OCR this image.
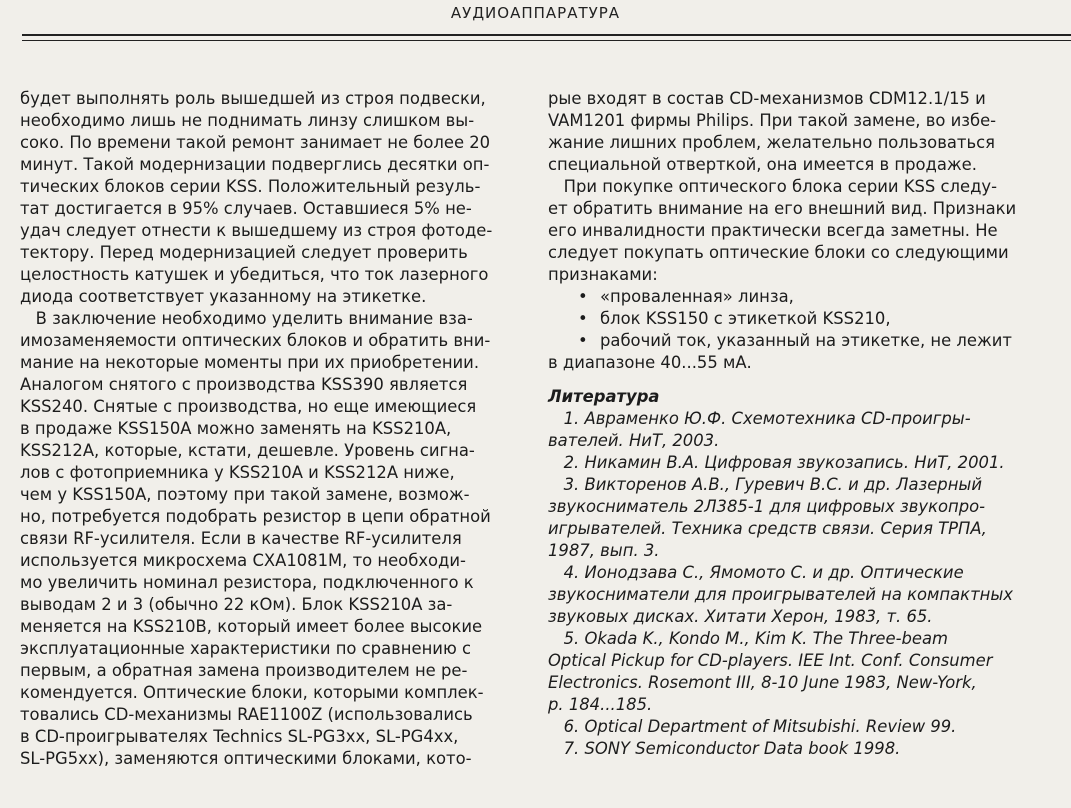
АУДИОАППАРАТУРА
будет выполнять роль вышедшей из строя подвески,
необходимо лишь не поднимать линзу слишком вы-
соко. По времени такой ремонт занимает не более 20
минут. Такой модернизации подверглись десятки оп-
тических блоков серии KSS. Положительный резуль-
тат достигается в 95% случаев. Оставшиеся 5% не-
удач следует отнести к вышедшему из строя фотоде-
тектору. Перед модернизацией следует проверить
целостность катушек и убедиться, что ток лазерного
диода соответствует указанному на этикетке.
В заключение необходимо уделить внимание вза-
имозаменяемости оптических блоков и обратить вни-
мание на некоторые моменты при их приобретении.
Аналогом снятого с производства KSS390 является
KSS240. Снятые с производства, но еще имеющиеся
в продаже KSS150A можно заменять на KSS210A,
KSS212A, которые, кстати, дешевле. Уровень сигна-
лов с фотоприемника у KSS210A и KSS212A ниже,
чем у KSS150A, поэтому при такой замене, возмож-
но, потребуется подобрать резистор в цепи обратной
связи RF-усилителя. Если в качестве RF-усилителя
используется микросхема CXA1081M, то необходи-
мо увеличить номинал резистора, подключенного к
выводам 2 и 3 (обычно 22 кОм). Блок KSS210A за-
меняется на KSS210B, который имеет более высокие
эксплуатационные характеристики по сравнению с
первым, а обратная замена производителем не ре-
комендуется. Оптические блоки, которыми комплек-
товались CD-механизмы RAE1100Z (использовались
в CD-проигрывателях Technics SL-PG3xx, SL-PG4xx,
SL-PG5xx), заменяются оптическими блоками, кото-
рые входят в состав CD-механизмов CDM12.1/15 и
VAM1201 фирмы Philips. При такой замене, во избе-
жание лишних проблем, желательно пользоваться
специальной отверткой, она имеется в продаже.
При покупке оптического блока серии KSS следу-
ет обратить внимание на его внешний вид. Признаки
его инвалидности практически всегда заметны. Не
следует покупать оптические блоки со следующими
признаками:
• «проваленная» линза,
• блок KSS150 с этикеткой KSS210,
• рабочий ток, указанный на этикетке, не лежит
в диапазоне 40...55 мА.
Литература
1. Авраменко Ю.Ф. Схемотехника CD-проигры-
вателей. НиТ, 2003.
2. Никамин В.А. Цифровая звукозапись. НиТ, 2001.
3. Викторенов А.В., Гуревич В.С. и др. Лазерный
звукосниматель 2Л385-1 для цифровых звукопро-
игрывателей. Техника средств связи. Серия ТРПА,
1987, вып. 3.
4. Ионодзава С., Ямомото С. и др. Оптические
звукосниматели для проигрывателей на компактных
звуковых дисках. Хитати Херон, 1983, т. 65.
5. Okada K., Kondo M., Kim K. The Three-beam
Optical Pickup for CD-players. IEE Int. Conf. Consumer
Electronics. Rosemont III, 8-10 June 1983, New-York,
p. 184...185.
6. Optical Department of Mitsubishi. Review 99.
7. SONY Semiconductor Data book 1998.
